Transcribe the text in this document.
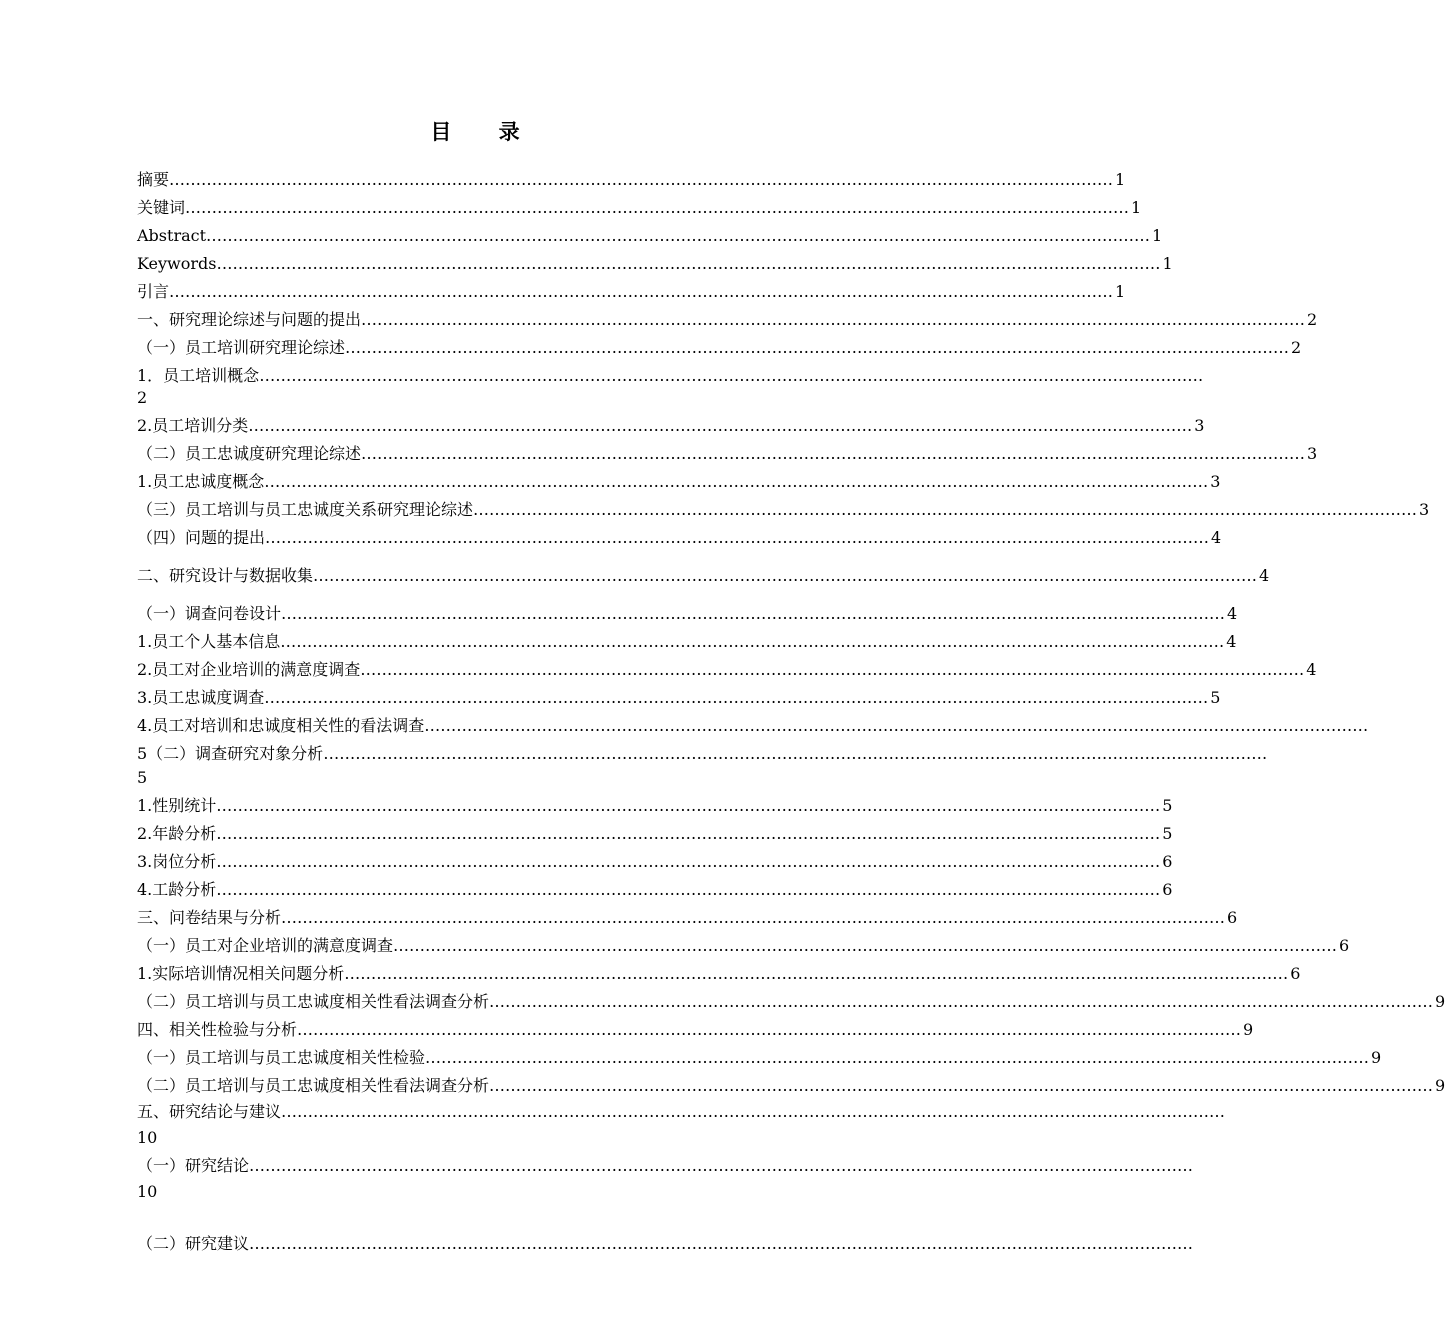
目 录
摘要 …………………………………………………………………………………………………………………………………………………………… 1
关键词 …………………………………………………………………………………………………………………………………………………………… 1
Abstract …………………………………………………………………………………………………………………………………………………………… 1
Keywords …………………………………………………………………………………………………………………………………………………………… 1
引言 …………………………………………………………………………………………………………………………………………………………… 1
一、研究理论综述与问题的提出 …………………………………………………………………………………………………………………………………………………………… 2
（一）员工培训研究理论综述 …………………………………………………………………………………………………………………………………………………………… 2
1．员工培训概念 ……………………………………………………………………………………………………………………………………………………………
2
2.员工培训分类 …………………………………………………………………………………………………………………………………………………………… 3
（二）员工忠诚度研究理论综述 …………………………………………………………………………………………………………………………………………………………… 3
1.员工忠诚度概念 …………………………………………………………………………………………………………………………………………………………… 3
（三）员工培训与员工忠诚度关系研究理论综述 …………………………………………………………………………………………………………………………………………………………… 3
（四）问题的提出 …………………………………………………………………………………………………………………………………………………………… 4
二、研究设计与数据收集 …………………………………………………………………………………………………………………………………………………………… 4
（一）调查问卷设计 …………………………………………………………………………………………………………………………………………………………… 4
1.员工个人基本信息 …………………………………………………………………………………………………………………………………………………………… 4
2.员工对企业培训的满意度调查 …………………………………………………………………………………………………………………………………………………………… 4
3.员工忠诚度调查 …………………………………………………………………………………………………………………………………………………………… 5
4.员工对培训和忠诚度相关性的看法调查 ……………………………………………………………………………………………………………………………………………………………
5（二）调查研究对象分析 ……………………………………………………………………………………………………………………………………………………………
5
1.性别统计 …………………………………………………………………………………………………………………………………………………………… 5
2.年龄分析 …………………………………………………………………………………………………………………………………………………………… 5
3.岗位分析 …………………………………………………………………………………………………………………………………………………………… 6
4.工龄分析 …………………………………………………………………………………………………………………………………………………………… 6
三、问卷结果与分析 …………………………………………………………………………………………………………………………………………………………… 6
（一）员工对企业培训的满意度调查 …………………………………………………………………………………………………………………………………………………………… 6
1.实际培训情况相关问题分析 …………………………………………………………………………………………………………………………………………………………… 6
（二）员工培训与员工忠诚度相关性看法调查分析 …………………………………………………………………………………………………………………………………………………………… 9
四、相关性检验与分析 …………………………………………………………………………………………………………………………………………………………… 9
（一）员工培训与员工忠诚度相关性检验 …………………………………………………………………………………………………………………………………………………………… 9
（二）员工培训与员工忠诚度相关性看法调查分析 …………………………………………………………………………………………………………………………………………………………… 9
五、研究结论与建议 ……………………………………………………………………………………………………………………………………………………………
10
（一）研究结论 ……………………………………………………………………………………………………………………………………………………………
10
（二）研究建议 ……………………………………………………………………………………………………………………………………………………………
